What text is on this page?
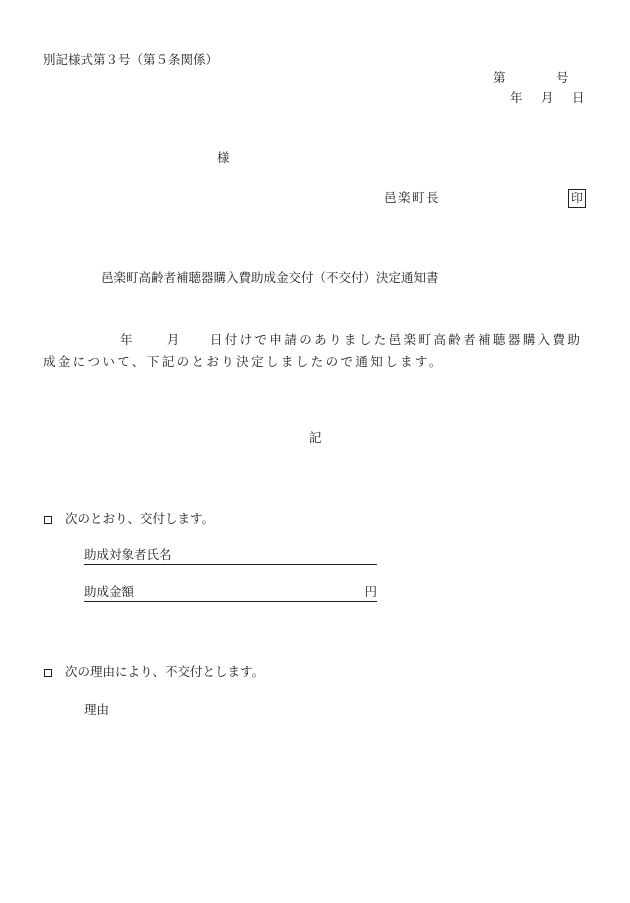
別記様式第３号（第５条関係）
第	号
年 月 日
様
邑楽町長	印
邑楽町高齢者補聴器購入費助成金交付（不交付）決定通知書
年	月 日付けで申請のありました邑楽町高齢者補聴器購入費助成金について、下記のとおり決定しましたので通知します。
記
次のとおり、交付します。
助成対象者氏名
助成金額	円
次の理由により、不交付とします。
理由
